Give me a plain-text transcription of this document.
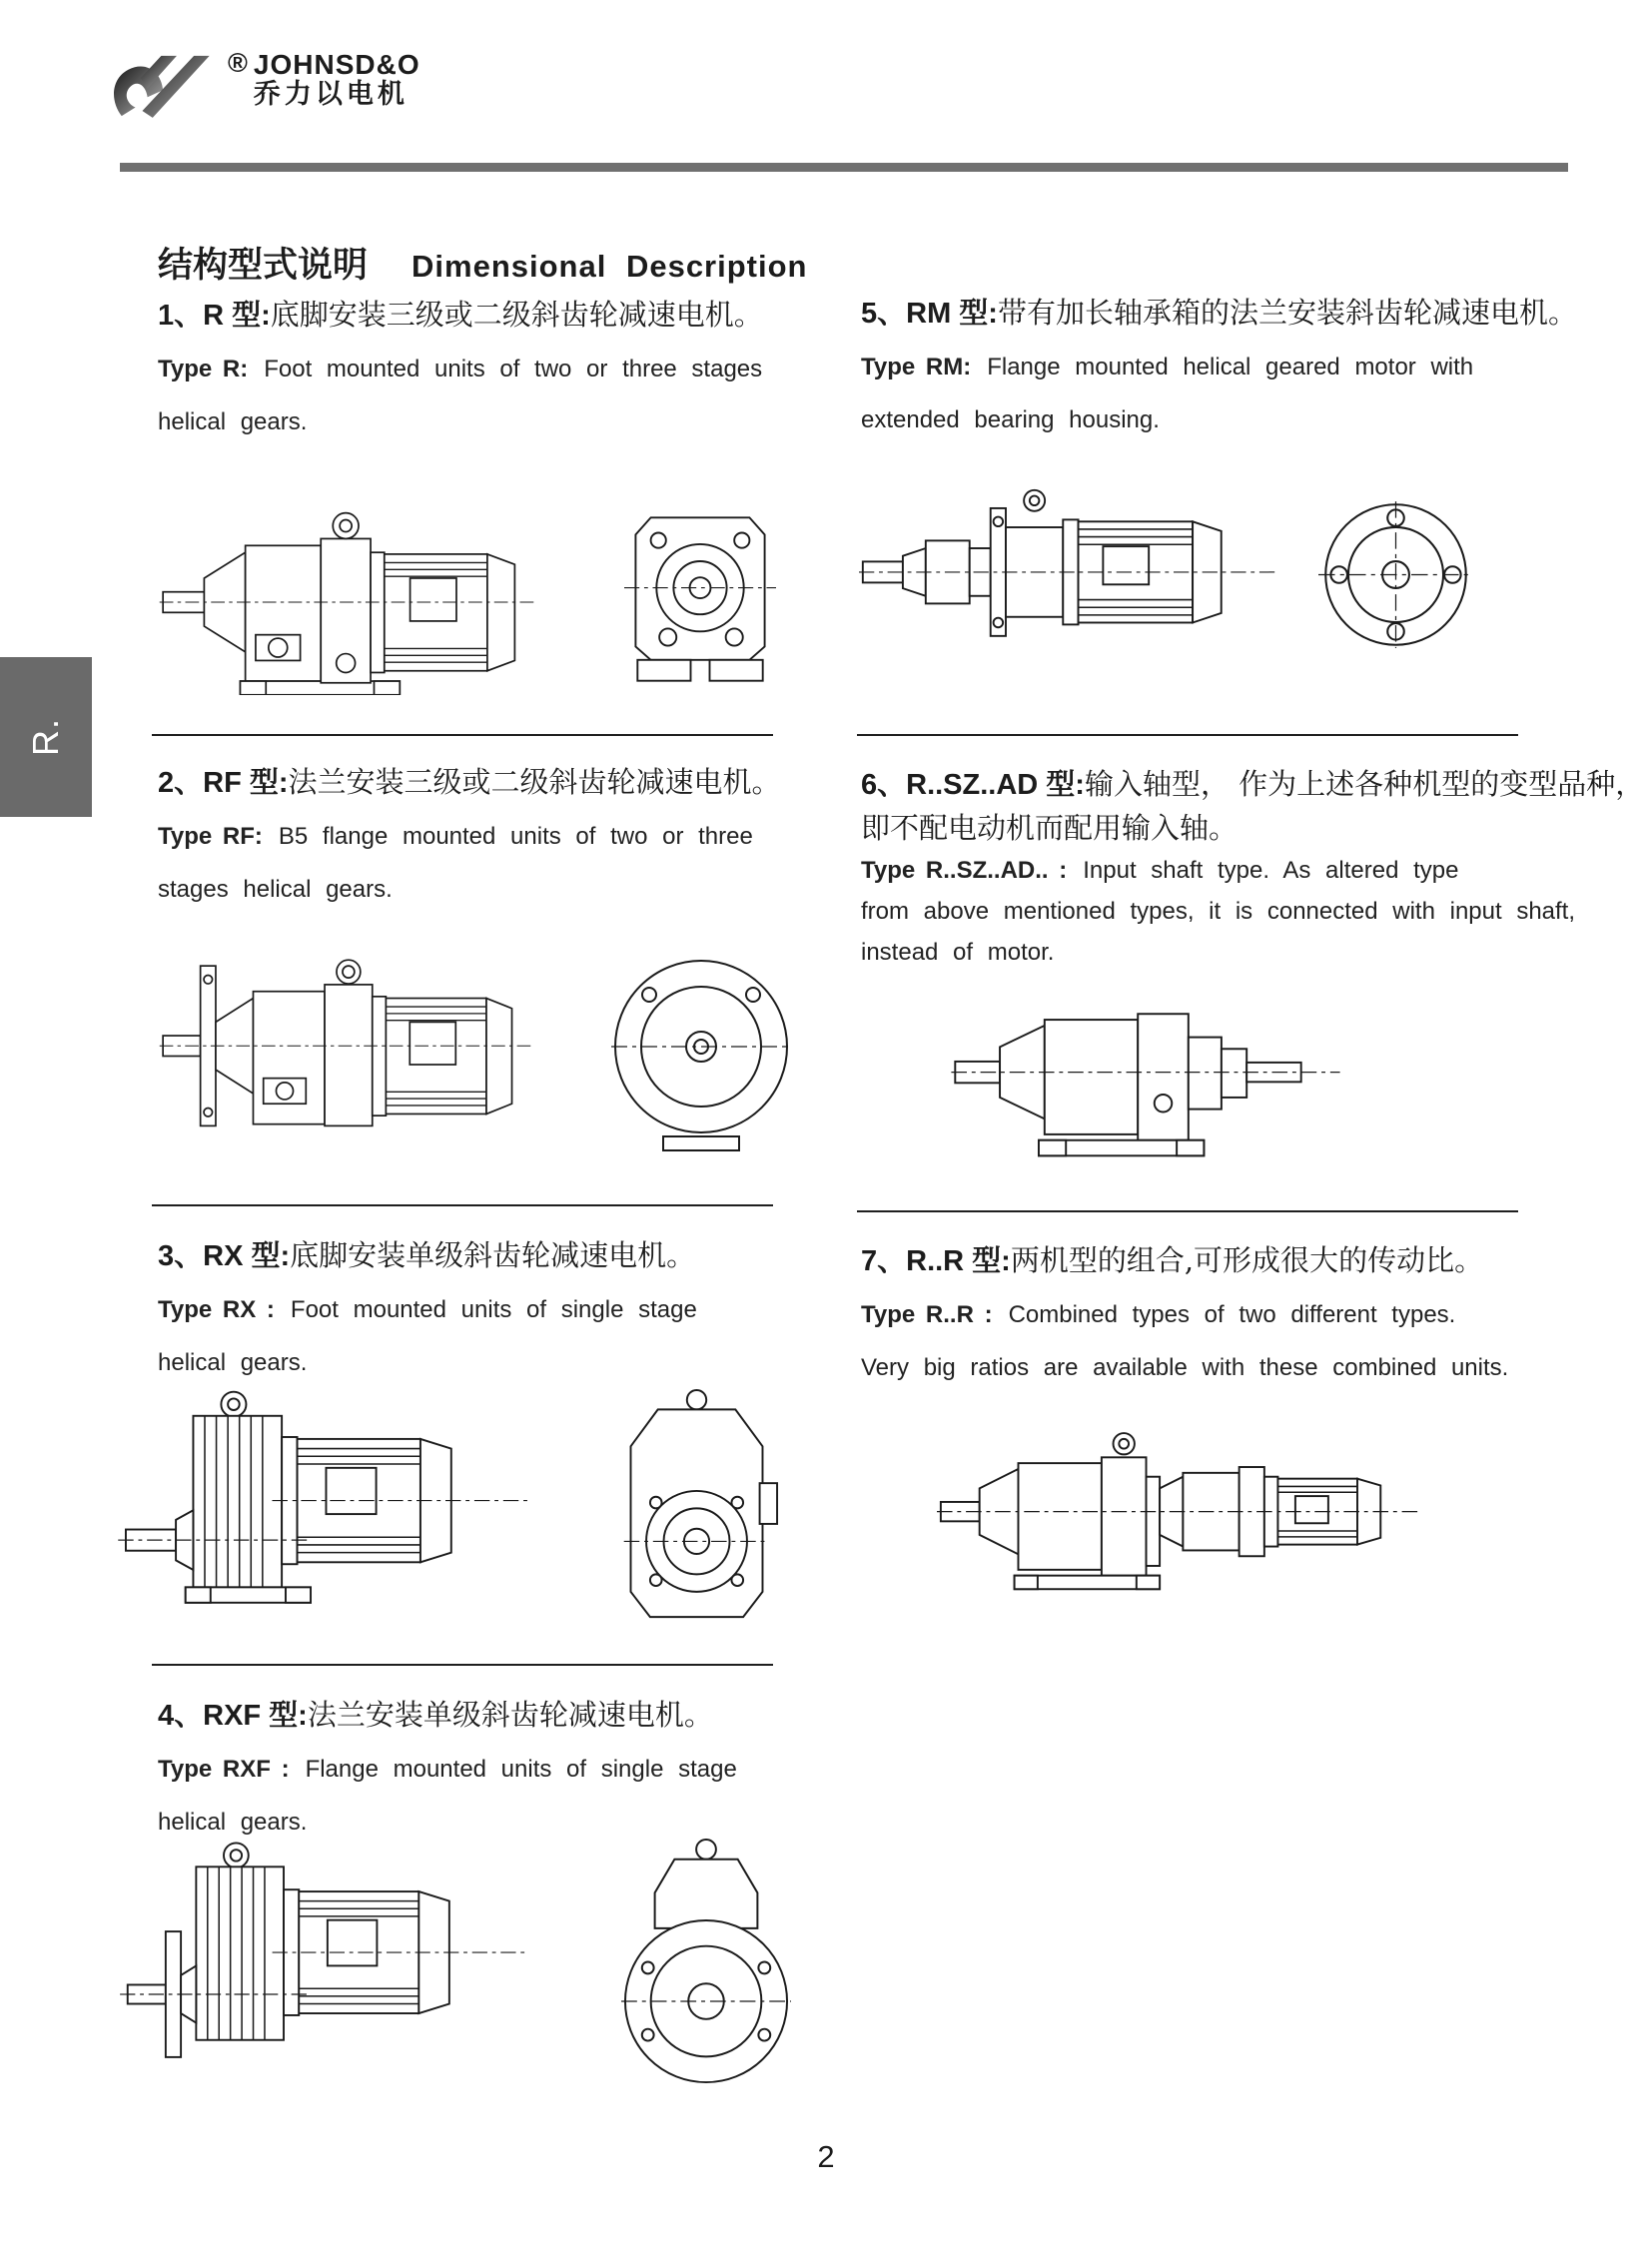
® JOHNSD&O
乔力以电机
R.
结构型式说明 Dimensional Description
1、R 型:底脚安装三级或二级斜齿轮减速电机。
Type R: Foot mounted units of two or three stages
helical gears.
5、RM 型:带有加长轴承箱的法兰安装斜齿轮减速电机。
Type RM: Flange mounted helical geared motor with
extended bearing housing.
2、RF 型:法兰安装三级或二级斜齿轮减速电机。
Type RF: B5 flange mounted units of two or three
stages helical gears.
6、R..SZ..AD 型:输入轴型， 作为上述各种机型的变型品种，
即不配电动机而配用输入轴。
Type R..SZ..AD.. : Input shaft type. As altered type
from above mentioned types, it is connected with input shaft,
instead of motor.
3、RX 型:底脚安装单级斜齿轮减速电机。
Type RX : Foot mounted units of single stage
helical gears.
7、R..R 型:两机型的组合,可形成很大的传动比。
Type R..R : Combined types of two different types.
Very big ratios are available with these combined units.
4、RXF 型:法兰安装单级斜齿轮减速电机。
Type RXF : Flange mounted units of single stage
helical gears.
2
